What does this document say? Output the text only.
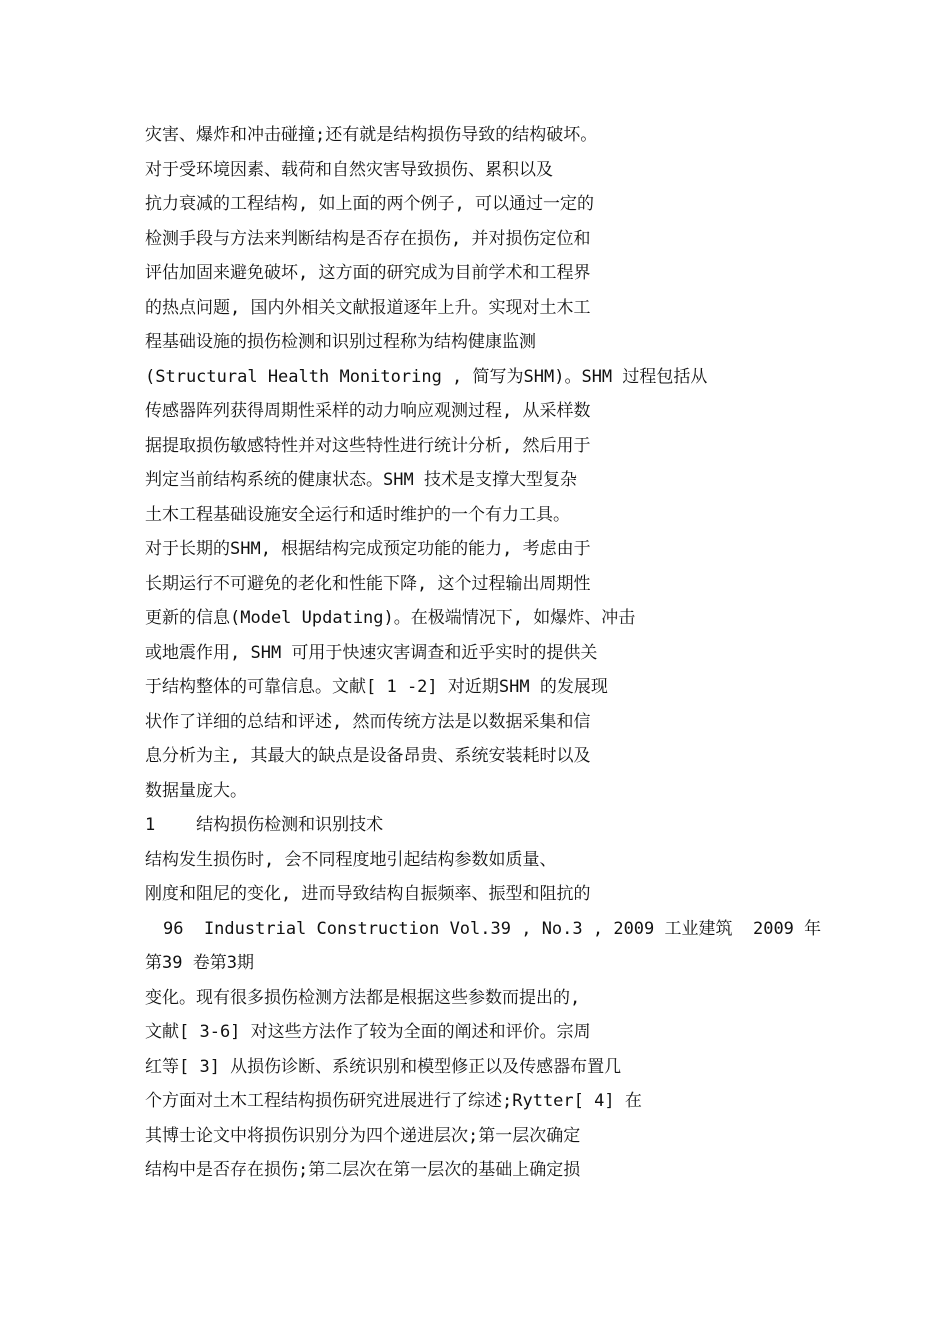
灾害、爆炸和冲击碰撞;还有就是结构损伤导致的结构破坏。
对于受环境因素、载荷和自然灾害导致损伤、累积以及
抗力衰减的工程结构, 如上面的两个例子, 可以通过一定的
检测手段与方法来判断结构是否存在损伤, 并对损伤定位和
评估加固来避免破坏, 这方面的研究成为目前学术和工程界
的热点问题, 国内外相关文献报道逐年上升。实现对土木工
程基础设施的损伤检测和识别过程称为结构健康监测
(Structural Health Monitoring , 简写为SHM)。SHM 过程包括从
传感器阵列获得周期性采样的动力响应观测过程, 从采样数
据提取损伤敏感特性并对这些特性进行统计分析, 然后用于
判定当前结构系统的健康状态。SHM 技术是支撑大型复杂
土木工程基础设施安全运行和适时维护的一个有力工具。
对于长期的SHM, 根据结构完成预定功能的能力, 考虑由于
长期运行不可避免的老化和性能下降, 这个过程输出周期性
更新的信息(Model Updating)。在极端情况下, 如爆炸、冲击
或地震作用, SHM 可用于快速灾害调查和近乎实时的提供关
于结构整体的可靠信息。文献[ 1 -2] 对近期SHM 的发展现
状作了详细的总结和评述, 然而传统方法是以数据采集和信
息分析为主, 其最大的缺点是设备昂贵、系统安装耗时以及
数据量庞大。
1    结构损伤检测和识别技术
结构发生损伤时, 会不同程度地引起结构参数如质量、
刚度和阻尼的变化, 进而导致结构自振频率、振型和阻抗的
96  Industrial Construction Vol.39 , No.3 , 2009 工业建筑  2009 年
第39 卷第3期
变化。现有很多损伤检测方法都是根据这些参数而提出的,
文献[ 3-6] 对这些方法作了较为全面的阐述和评价。宗周
红等[ 3] 从损伤诊断、系统识别和模型修正以及传感器布置几
个方面对土木工程结构损伤研究进展进行了综述;Rytter[ 4] 在
其博士论文中将损伤识别分为四个递进层次;第一层次确定
结构中是否存在损伤;第二层次在第一层次的基础上确定损
